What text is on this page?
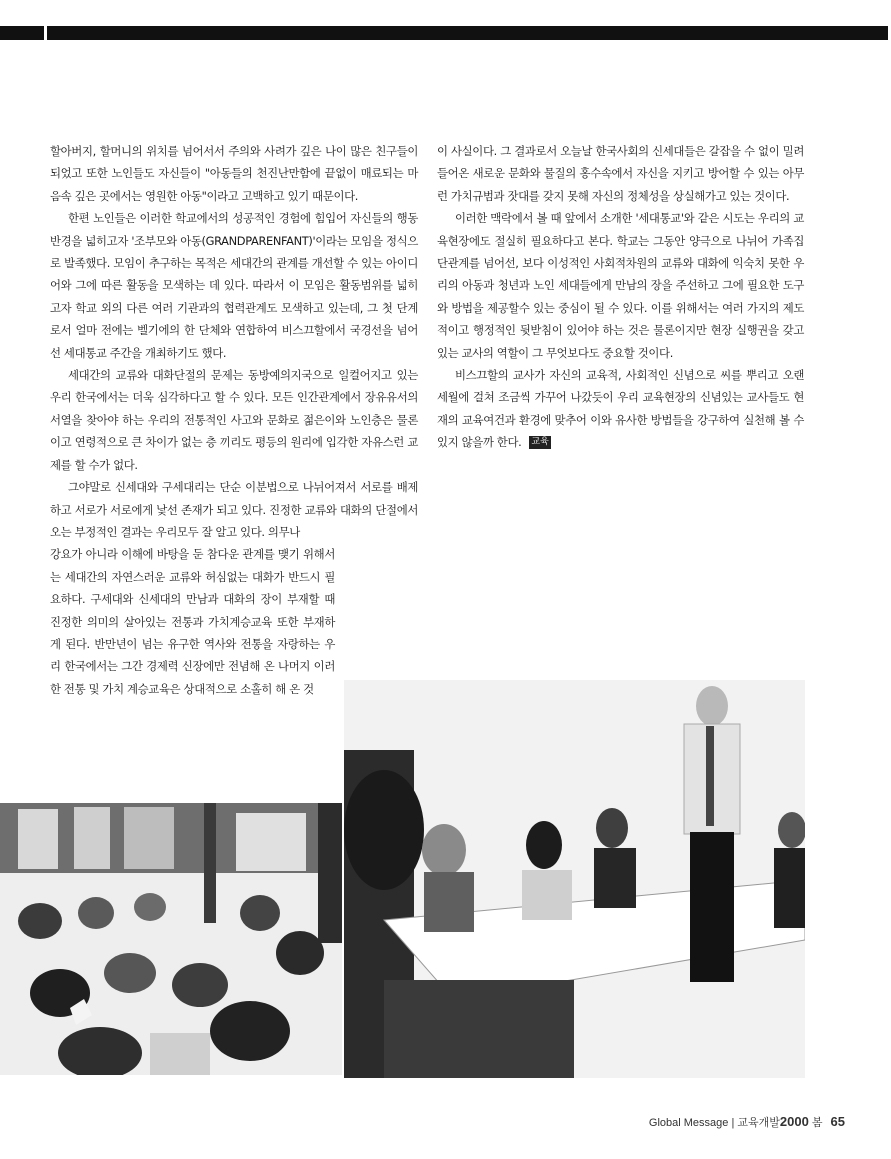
할아버지, 할머니의 위치를 넘어서서 주의와 사려가 깊은 나이 많은 친구들이 되었고 또한 노인들도 자신들이 "아동들의 천진난만함에 끝없이 매료되는 마음속 깊은 곳에서는 영원한 아동"이라고 고백하고 있기 때문이다.

한편 노인들은 이러한 학교에서의 성공적인 경험에 힘입어 자신들의 행동반경을 넓히고자 '조부모와 아동(GRANDPARENFANT)'이라는 모임을 정식으로 발족했다. 모임이 추구하는 목적은 세대간의 관계를 개선할 수 있는 아이디어와 그에 따른 활동을 모색하는 데 있다. 따라서 이 모임은 활동범위를 넓히고자 학교 외의 다른 여러 기관과의 협력관계도 모색하고 있는데, 그 첫 단계로서 얼마 전에는 벨기에의 한 단체와 연합하여 비스끄할에서 국경선을 넘어선 세대통교 주간을 개최하기도 했다.

세대간의 교류와 대화단절의 문제는 동방예의지국으로 일컬어지고 있는 우리 한국에서는 더욱 심각하다고 할 수 있다. 모든 인간관계에서 장유유서의 서열을 찾아야 하는 우리의 전통적인 사고와 문화로 젊은이와 노인층은 물론이고 연령적으로 큰 차이가 없는 층 끼리도 평등의 원리에 입각한 자유스런 교제를 할 수가 없다.

그야말로 신세대와 구세대리는 단순 이분법으로 나뉘어져서 서로를 배제하고 서로가 서로에게 낯선 존재가 되고 있다. 진정한 교류와 대화의 단절에서 오는 부정적인 결과는 우리모두 잘 알고 있다. 의무나

강요가 아니라 이해에 바탕을 둔 참다운 관계를 맺기 위해서는 세대간의 자연스러운 교류와 허심없는 대화가 반드시 필요하다. 구세대와 신세대의 만남과 대화의 장이 부재할 때 진정한 의미의 살아있는 전통과 가치계승교육 또한 부재하게 된다. 반만년이 넘는 유구한 역사와 전통을 자랑하는 우리 한국에서는 그간 경제력 신장에만 전념해 온 나머지 이러한 전통 및 가치 계승교육은 상대적으로 소홀히 해 온 것

이 사실이다. 그 결과로서 오늘날 한국사회의 신세대들은 갈잡을 수 없이 밀려들어온 새로운 문화와 물질의 홍수속에서 자신을 지키고 방어할 수 있는 아무런 가치규범과 잣대를 갖지 못해 자신의 정체성을 상실해가고 있는 것이다.

이러한 맥락에서 볼 때 앞에서 소개한 '세대통교'와 같은 시도는 우리의 교육현장에도 절실히 필요하다고 본다. 학교는 그동안 양극으로 나뉘어 가족집단관계를 넘어선, 보다 이성적인 사회적차원의 교류와 대화에 익숙치 못한 우리의 아동과 청년과 노인 세대들에게 만남의 장을 주선하고 그에 필요한 도구와 방법을 제공할수 있는 중심이 될 수 있다. 이를 위해서는 여러 가지의 제도적이고 행정적인 뒷받침이 있어야 하는 것은 물론이지만 현장 실행권을 갖고 있는 교사의 역할이 그 무엇보다도 중요할 것이다.

비스끄할의 교사가 자신의 교육적, 사회적인 신념으로 씨를 뿌리고 오랜세월에 걸쳐 조금씩 가꾸어 나갔듯이 우리 교육현장의 신념있는 교사들도 현재의 교육여건과 환경에 맞추어 이와 유사한 방법들을 강구하여 실천해 볼 수 있지 않을까 한다. 교육

Global Message | 교육개발2000 봄 65
